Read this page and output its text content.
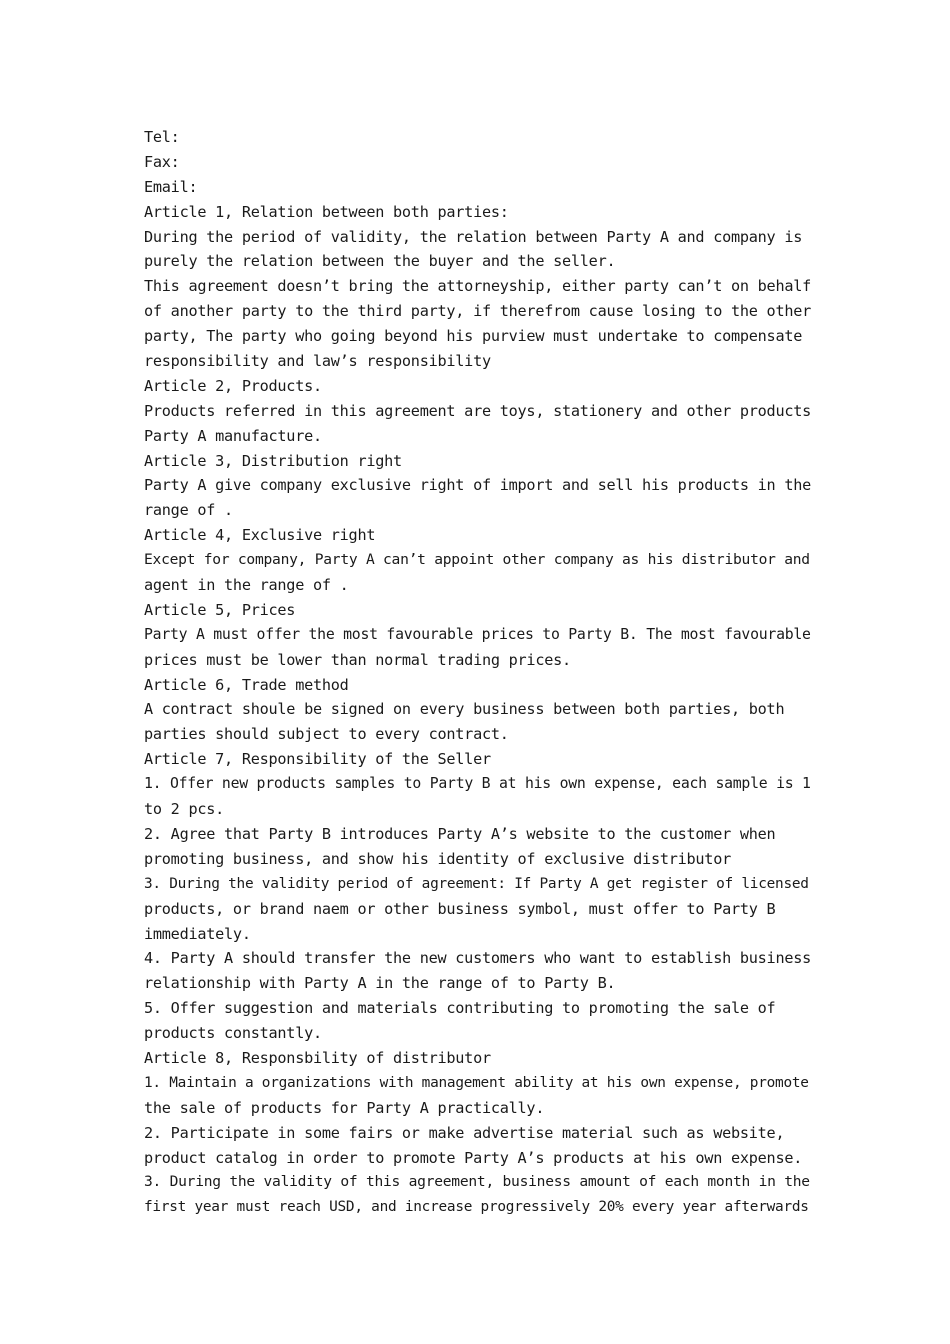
Tel:
Fax:
Email:
Article 1, Relation between both parties:
During the period of validity, the relation between Party A and company is
purely the relation between the buyer and the seller.
This agreement doesn’t bring the attorneyship, either party can’t on behalf
of another party to the third party, if therefrom cause losing to the other
party, The party who going beyond his purview must undertake to compensate
responsibility and law’s responsibility
Article 2, Products.
Products referred in this agreement are toys, stationery and other products
Party A manufacture.
Article 3, Distribution right
Party A give company exclusive right of import and sell his products in the
range of .
Article 4, Exclusive right
Except for company, Party A can’t appoint other company as his distributor and
agent in the range of .
Article 5, Prices
Party A must offer the most favourable prices to Party B. The most favourable
prices must be lower than normal trading prices.
Article 6, Trade method
A contract shoule be signed on every business between both parties, both
parties should subject to every contract.
Article 7, Responsibility of the Seller
1. Offer new products samples to Party B at his own expense, each sample is 1
to 2 pcs.
2. Agree that Party B introduces Party A’s website to the customer when
promoting business, and show his identity of exclusive distributor
3. During the validity period of agreement: If Party A get register of licensed
products, or brand naem or other business symbol, must offer to Party B
immediately.
4. Party A should transfer the new customers who want to establish business
relationship with Party A in the range of to Party B.
5. Offer suggestion and materials contributing to promoting the sale of
products constantly.
Article 8, Responsbility of distributor
1. Maintain a organizations with management ability at his own expense, promote
the sale of products for Party A practically.
2. Participate in some fairs or make advertise material such as website,
product catalog in order to promote Party A’s products at his own expense.
3. During the validity of this agreement, business amount of each month in the
first year must reach USD, and increase progressively 20% every year afterwards
